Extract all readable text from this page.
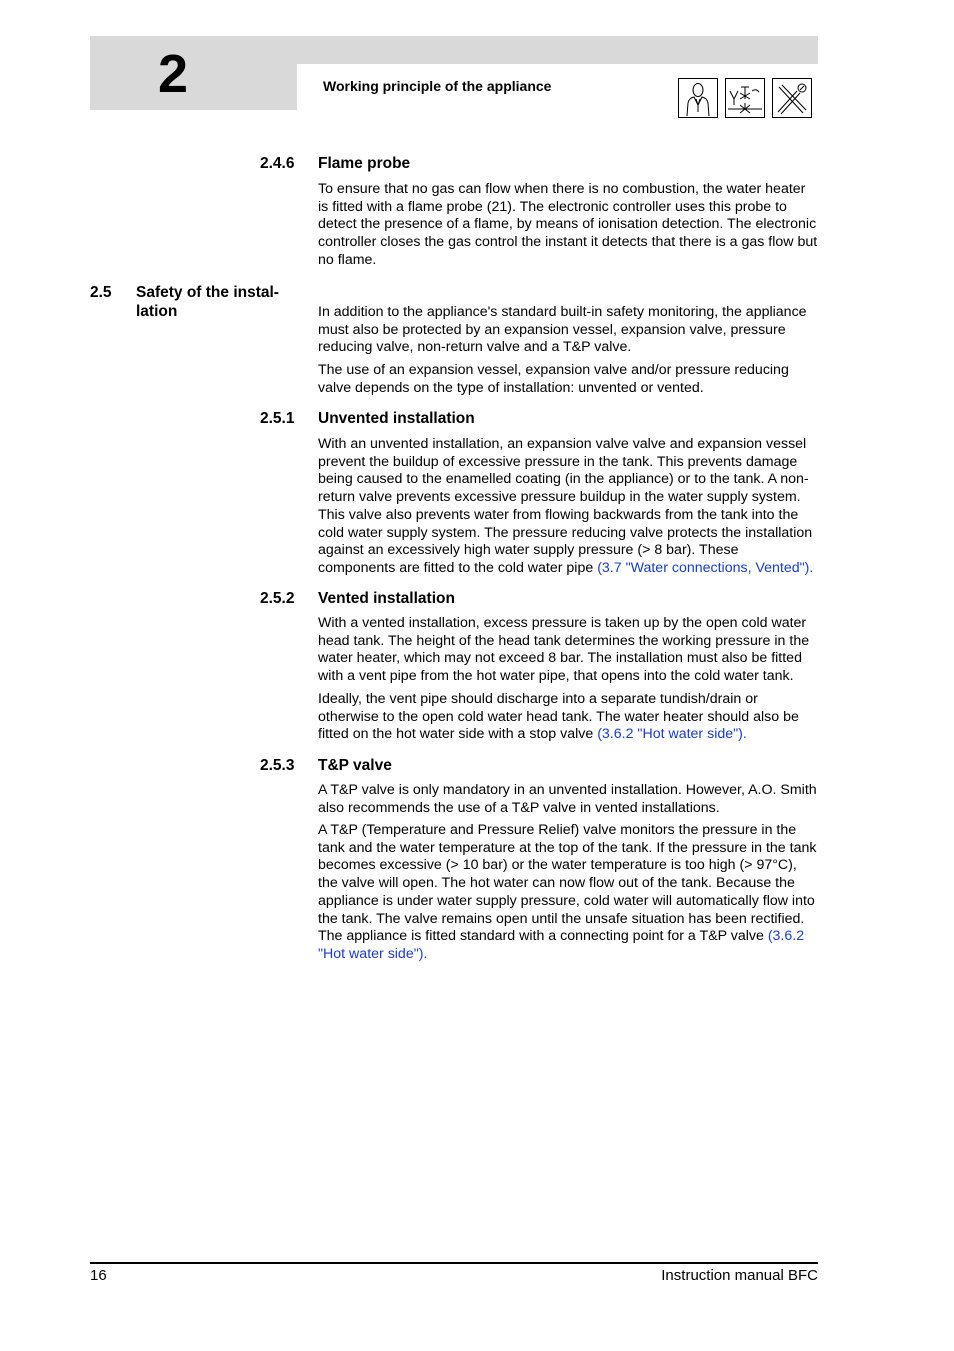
2	Working principle of the appliance
2.4.6 Flame probe
To ensure that no gas can flow when there is no combustion, the water heater is fitted with a flame probe (21). The electronic controller uses this probe to detect the presence of a flame, by means of ionisation detection. The electronic controller closes the gas control the instant it detects that there is a gas flow but no flame.
2.5 Safety of the instal-lation	In addition to the appliance's standard built-in safety monitoring, the appliance must also be protected by an expansion vessel, expansion valve, pressure reducing valve, non-return valve and a T&P valve.
The use of an expansion vessel, expansion valve and/or pressure reducing valve depends on the type of installation: unvented or vented.
2.5.1 Unvented installation
With an unvented installation, an expansion valve valve and expansion vessel prevent the buildup of excessive pressure in the tank. This prevents damage being caused to the enamelled coating (in the appliance) or to the tank. A non-return valve prevents excessive pressure buildup in the water supply system. This valve also prevents water from flowing backwards from the tank into the cold water supply system. The pressure reducing valve protects the installation against an excessively high water supply pressure (> 8 bar). These components are fitted to the cold water pipe (3.7 "Water connections, Vented").
2.5.2 Vented installation
With a vented installation, excess pressure is taken up by the open cold water head tank. The height of the head tank determines the working pressure in the water heater, which may not exceed 8 bar. The installation must also be fitted with a vent pipe from the hot water pipe, that opens into the cold water tank.
Ideally, the vent pipe should discharge into a separate tundish/drain or otherwise to the open cold water head tank. The water heater should also be fitted on the hot water side with a stop valve (3.6.2 "Hot water side").
2.5.3 T&P valve
A T&P valve is only mandatory in an unvented installation. However, A.O. Smith also recommends the use of a T&P valve in vented installations.
A T&P (Temperature and Pressure Relief) valve monitors the pressure in the tank and the water temperature at the top of the tank. If the pressure in the tank becomes excessive (> 10 bar) or the water temperature is too high (> 97°C), the valve will open. The hot water can now flow out of the tank. Because the appliance is under water supply pressure, cold water will automatically flow into the tank. The valve remains open until the unsafe situation has been rectified. The appliance is fitted standard with a connecting point for a T&P valve (3.6.2 "Hot water side").
16	Instruction manual BFC
